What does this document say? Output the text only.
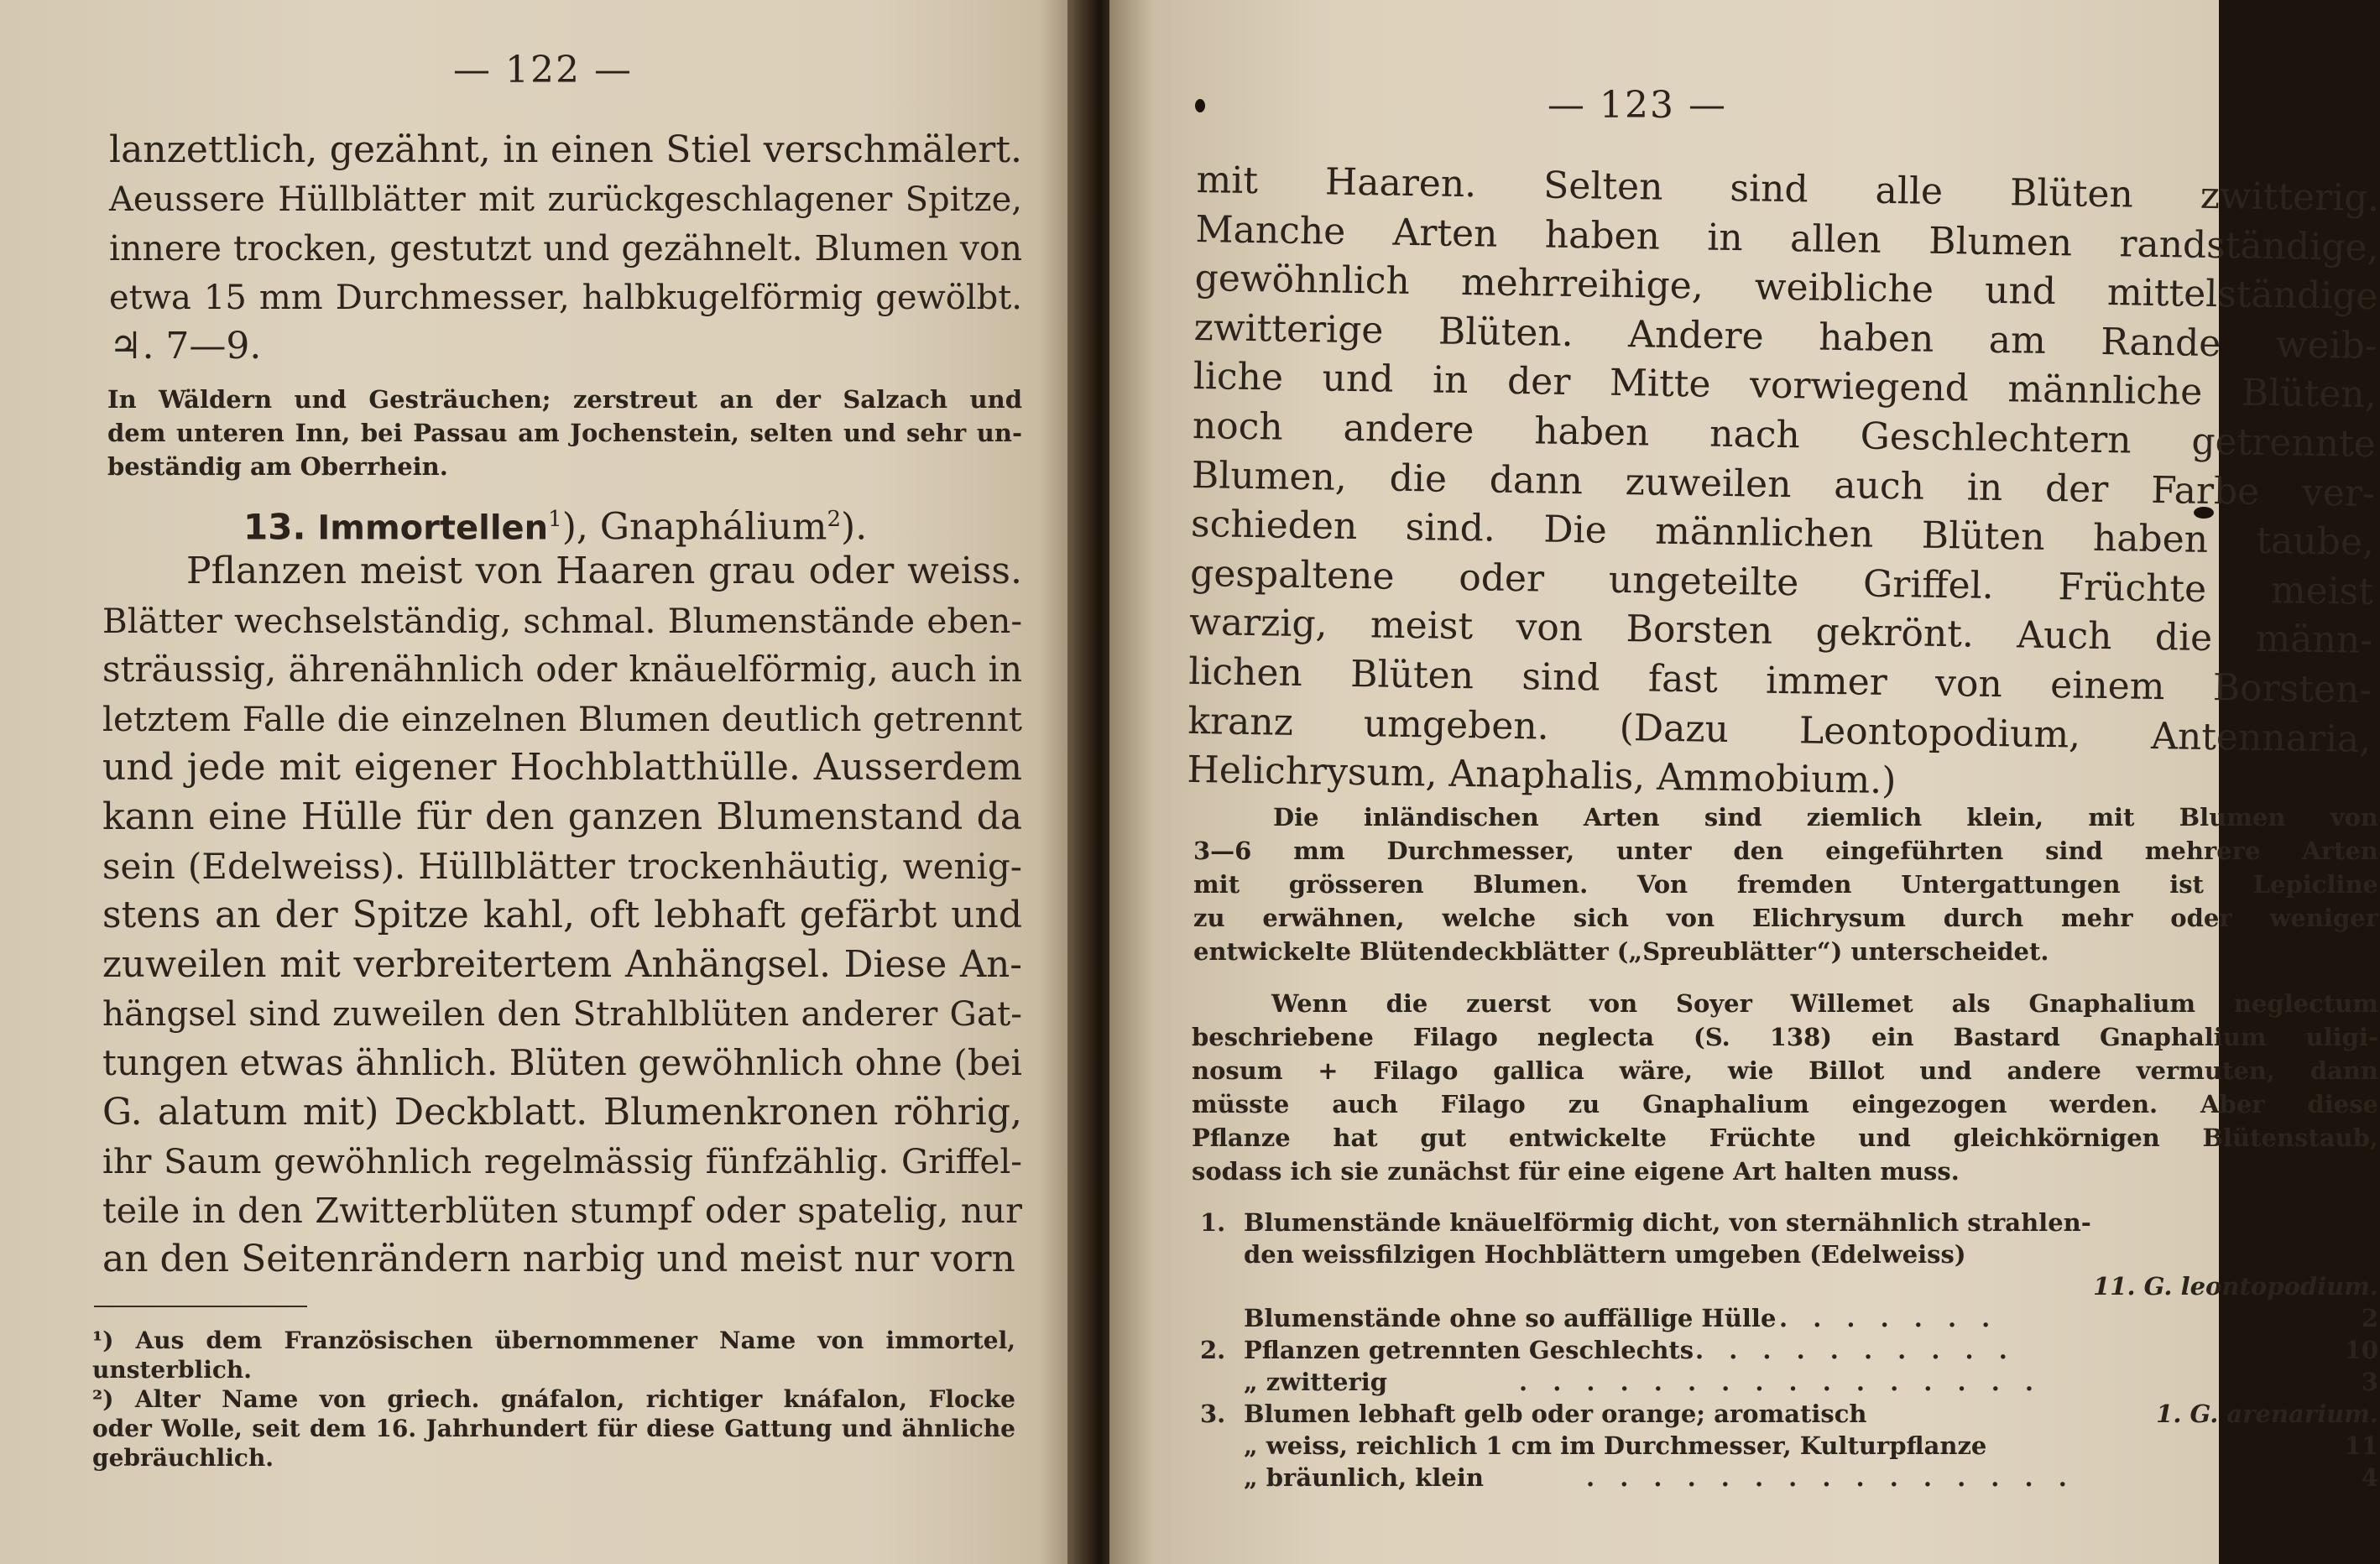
— 122 —
lanzettlich, gezähnt, in einen Stiel verschmälert.
Aeussere Hüllblätter mit zurückgeschlagener Spitze,
innere trocken, gestutzt und gezähnelt. Blumen von
etwa 15 mm Durchmesser, halbkugelförmig gewölbt.
♃. 7—9.
In Wäldern und Gesträuchen; zerstreut an der Salzach und
dem unteren Inn, bei Passau am Jochenstein, selten und sehr un-
beständig am Oberrhein.
13. Immortellen$^1$), Gnaphálium$^2$).
Pflanzen meist von Haaren grau oder weiss.
Blätter wechselständig, schmal. Blumenstände eben-
sträussig, ährenähnlich oder knäuelförmig, auch in
letztem Falle die einzelnen Blumen deutlich getrennt
und jede mit eigener Hochblatthülle. Ausserdem
kann eine Hülle für den ganzen Blumenstand da
sein (Edelweiss). Hüllblätter trockenhäutig, wenig-
stens an der Spitze kahl, oft lebhaft gefärbt und
zuweilen mit verbreitertem Anhängsel. Diese An-
hängsel sind zuweilen den Strahlblüten anderer Gat-
tungen etwas ähnlich. Blüten gewöhnlich ohne (bei
G. alatum mit) Deckblatt. Blumenkronen röhrig,
ihr Saum gewöhnlich regelmässig fünfzählig. Griffel-
teile in den Zwitterblüten stumpf oder spatelig, nur
an den Seitenrändern narbig und meist nur vorn
¹) Aus dem Französischen übernommener Name von immortel,
unsterblich.
²) Alter Name von griech. gnáfalon, richtiger knáfalon, Flocke
oder Wolle, seit dem 16. Jahrhundert für diese Gattung und ähnliche
gebräuchlich.
— 123 —
mit Haaren. Selten sind alle Blüten zwitterig.
Manche Arten haben in allen Blumen randständige,
gewöhnlich mehrreihige, weibliche und mittelständige
zwitterige Blüten. Andere haben am Rande weib-
liche und in der Mitte vorwiegend männliche Blüten,
noch andere haben nach Geschlechtern getrennte
Blumen, die dann zuweilen auch in der Farbe ver-
schieden sind. Die männlichen Blüten haben taube,
gespaltene oder ungeteilte Griffel. Früchte meist
warzig, meist von Borsten gekrönt. Auch die männ-
lichen Blüten sind fast immer von einem Borsten-
kranz umgeben. (Dazu Leontopodium, Antennaria,
Helichrysum, Anaphalis, Ammobium.)
Die inländischen Arten sind ziemlich klein, mit Blumen von
3—6 mm Durchmesser, unter den eingeführten sind mehrere Arten
mit grösseren Blumen. Von fremden Untergattungen ist Lepicline
zu erwähnen, welche sich von Elichrysum durch mehr oder weniger
entwickelte Blütendeckblätter („Spreublätter“) unterscheidet.
Wenn die zuerst von Soyer Willemet als Gnaphalium neglectum
beschriebene Filago neglecta (S. 138) ein Bastard Gnaphalium uligi-
nosum + Filago gallica wäre, wie Billot und andere vermuten, dann
müsste auch Filago zu Gnaphalium eingezogen werden. Aber diese
Pflanze hat gut entwickelte Früchte und gleichkörnigen Blütenstaub,
sodass ich sie zunächst für eine eigene Art halten muss.
1. Blumenstände knäuelförmig dicht, von sternähnlich strahlen-
den weissfilzigen Hochblättern umgeben (Edelweiss)
11. G. leontopodium.
Blumenstände ohne so auffällige Hülle . . . . . . .	2
2. Pflanzen getrennten Geschlechts . . . . . . . . . .	10
„ zwitterig	. . . . . . . . . . . . . . . .	3
3. Blumen lebhaft gelb oder orange; aromatisch	1. G. arenarium.
„ weiss, reichlich 1 cm im Durchmesser, Kulturpflanze	11
„ bräunlich, klein	. . . . . . . . . . . . . . .	4
